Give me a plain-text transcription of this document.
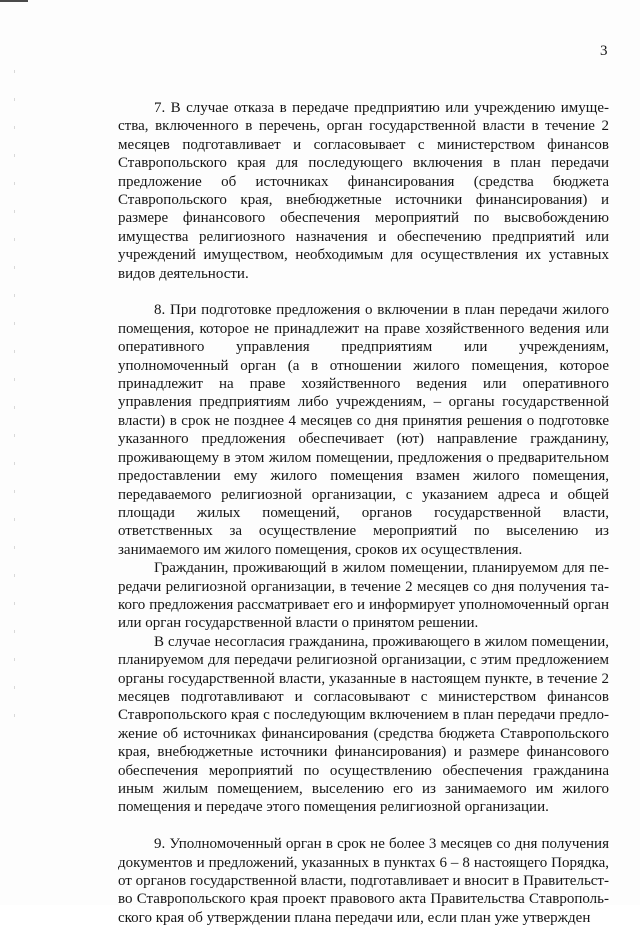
3

7. В случае отказа в передаче предприятию или учреждению имущества, включенного в перечень, орган государственной власти в течение 2 месяцев подготавливает и согласовывает с министерством финансов Ставропольского края для последующего включения в план передачи предложение об источниках финансирования (средства бюджета Ставропольского края, внебюджетные источники финансирования) и размере финансового обеспечения мероприятий по высвобождению имущества религиозного назначения и обеспечению предприятий или учреждений имуществом, необходимым для осуществления их уставных видов деятельности.

8. При подготовке предложения о включении в план передачи жилого помещения, которое не принадлежит на праве хозяйственного ведения или оперативного управления предприятиям или учреждениям, уполномоченный орган (а в отношении жилого помещения, которое принадлежит на праве хозяйственного ведения или оперативного управления предприятиям либо учреждениям, – органы государственной власти) в срок не позднее 4 месяцев со дня принятия решения о подготовке указанного предложения обеспечивает (ют) направление гражданину, проживающему в этом жилом помещении, предложения о предварительном предоставлении ему жилого помещения взамен жилого помещения, передаваемого религиозной организации, с указанием адреса и общей площади жилых помещений, органов государственной власти, ответственных за осуществление мероприятий по выселению из занимаемого им жилого помещения, сроков их осуществления.

Гражданин, проживающий в жилом помещении, планируемом для передачи религиозной организации, в течение 2 месяцев со дня получения такого предложения рассматривает его и информирует уполномоченный орган или орган государственной власти о принятом решении.

В случае несогласия гражданина, проживающего в жилом помещении, планируемом для передачи религиозной организации, с этим предложением органы государственной власти, указанные в настоящем пункте, в течение 2 месяцев подготавливают и согласовывают с министерством финансов Ставропольского края с последующим включением в план передачи предложение об источниках финансирования (средства бюджета Ставропольского края, внебюджетные источники финансирования) и размере финансового обеспечения мероприятий по осуществлению обеспечения гражданина иным жилым помещением, выселению его из занимаемого им жилого помещения и передаче этого помещения религиозной организации.

9. Уполномоченный орган в срок не более 3 месяцев со дня получения документов и предложений, указанных в пунктах 6 – 8 настоящего Порядка, от органов государственной власти, подготавливает и вносит в Правительство Ставропольского края проект правового акта Правительства Ставропольского края об утверждении плана передачи или, если план уже утвержден
